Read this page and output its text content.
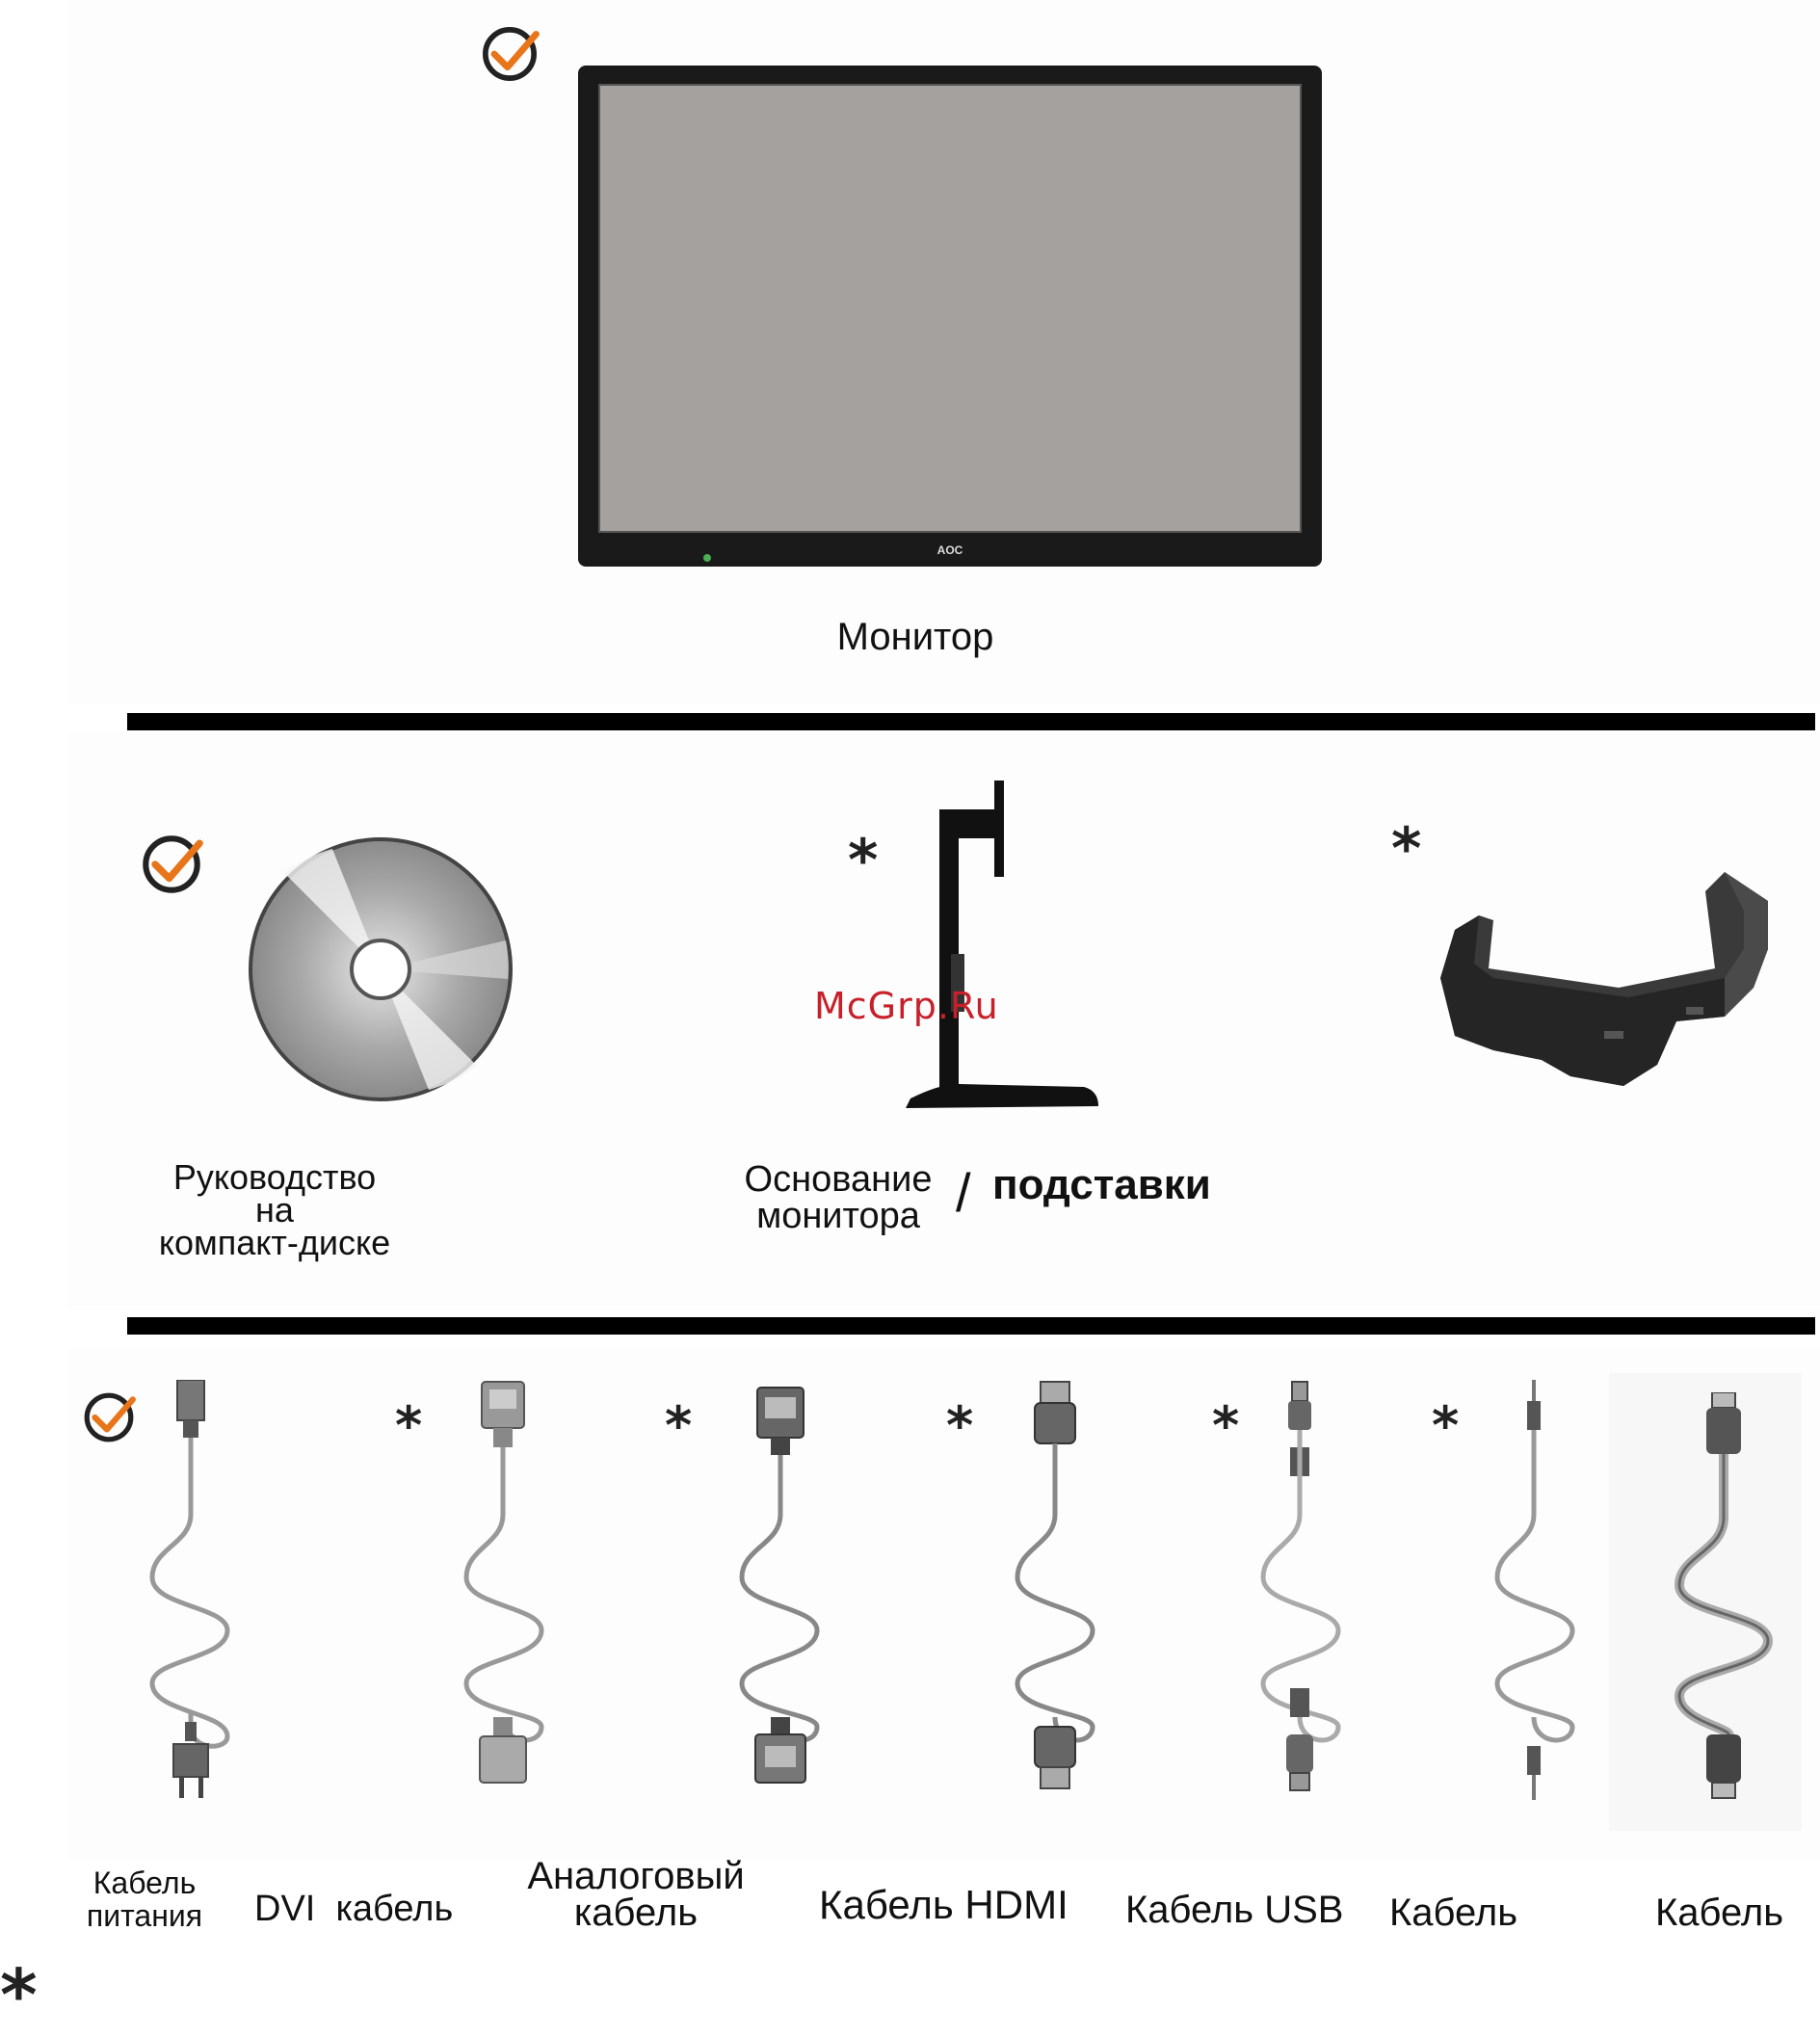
AOC
Монитор
Руководство
на
компакт-диске
*
McGrp.Ru
Основание
монитора / подставки
*
*	*	*	*	*
Кабель
питания DVI  кабель
Аналоговый
кабель	Кабель HDMI Кабель USB Кабель	Кабель
*
